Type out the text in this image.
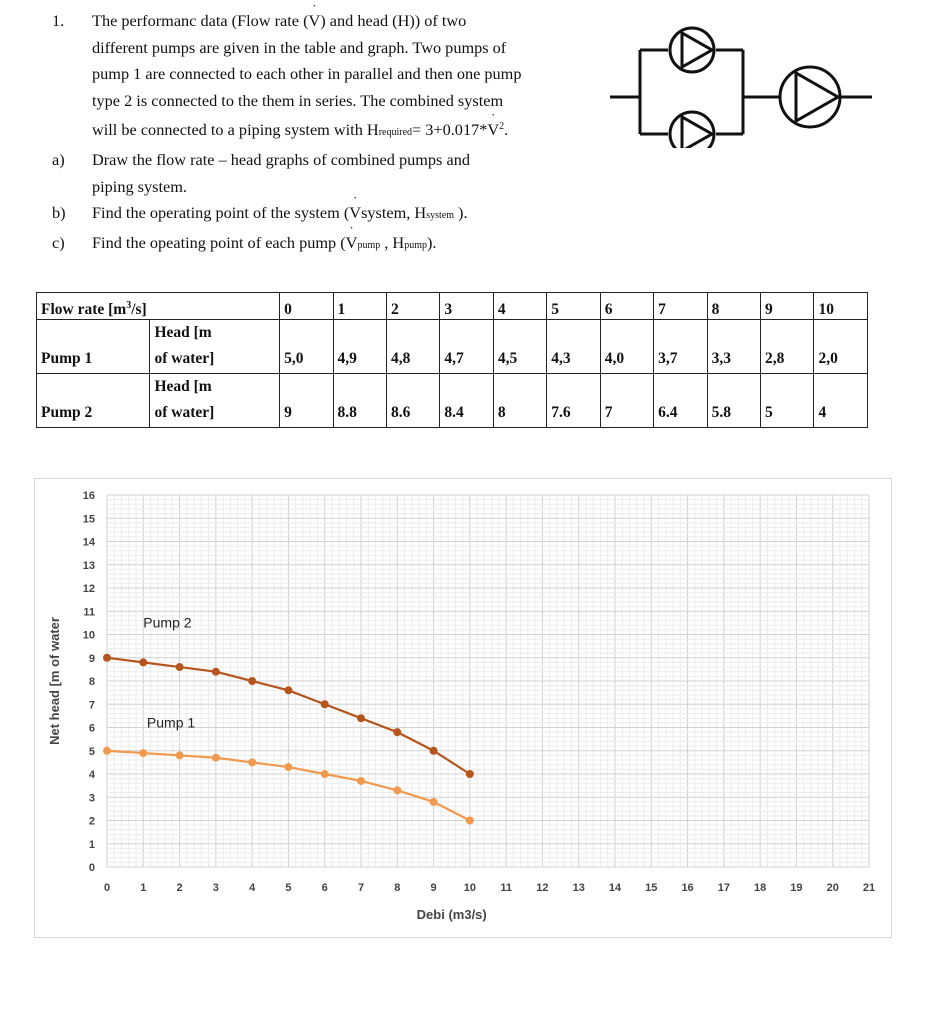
1.	The performanc data (Flow rate (˙ V) and head (H)) of two

different pumps are given in the table and graph. Two pumps of

pump 1 are connected to each other in parallel and then one pump

type 2 is connected to the them in series. The combined system

will be connected to a piping system with Hrequired= 3+0.017*˙ $V^2$.

a)	Draw the flow rate – head graphs of combined pumps and

piping system.

b)	Find the operating point of the system (˙ Vsystem, Hsystem ).

c)	Find the opeating point of each pump (˙ Vpump , Hpump).

Flow rate $[m^3/s]$		0	1	2	3	4	5	6	7	8	9	10
Pump 1	Head [m
of water]	5,0	4,9	4,8	4,7	4,5	4,3	4,0	3,7	3,3	2,8	2,0
Pump 2	Head [m
of water]	9	8.8	8.6	8.4	8	7.6	7	6.4	5.8	5	4
0	1	2	3	4	5	6	7	8	9 10 11 12 13 14 15 16 17 18 19 20 21
0
1
2
3
4
5
6
7
8
9
10
11
12
13
14
15
16
Debi (m3/s)
Net head [m of water	Pump 2
Pump 1
